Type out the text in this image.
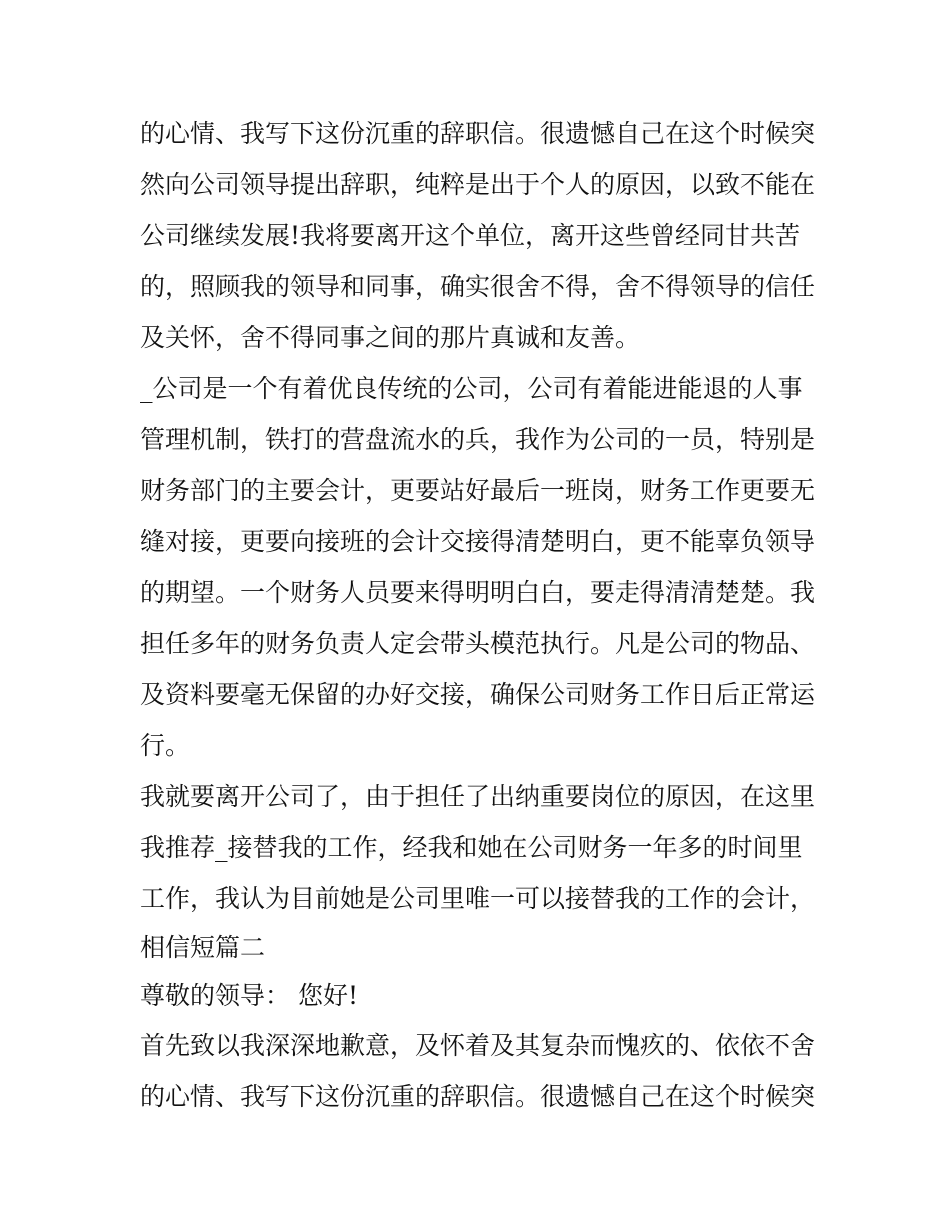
的心情、我写下这份沉重的辞职信。很遗憾自己在这个时候突
然向公司领导提出辞职，纯粹是出于个人的原因，以致不能在
公司继续发展!我将要离开这个单位，离开这些曾经同甘共苦
的，照顾我的领导和同事，确实很舍不得，舍不得领导的信任
及关怀，舍不得同事之间的那片真诚和友善。
_公司是一个有着优良传统的公司，公司有着能进能退的人事
管理机制，铁打的营盘流水的兵，我作为公司的一员，特别是
财务部门的主要会计，更要站好最后一班岗，财务工作更要无
缝对接，更要向接班的会计交接得清楚明白，更不能辜负领导
的期望。一个财务人员要来得明明白白，要走得清清楚楚。我
担任多年的财务负责人定会带头模范执行。凡是公司的物品、
及资料要毫无保留的办好交接，确保公司财务工作日后正常运
行。
我就要离开公司了，由于担任了出纳重要岗位的原因，在这里
我推荐_接替我的工作，经我和她在公司财务一年多的时间里
工作，我认为目前她是公司里唯一可以接替我的工作的会计，
相信短篇二
尊敬的领导： 您好!
首先致以我深深地歉意，及怀着及其复杂而愧疚的、依依不舍
的心情、我写下这份沉重的辞职信。很遗憾自己在这个时候突
